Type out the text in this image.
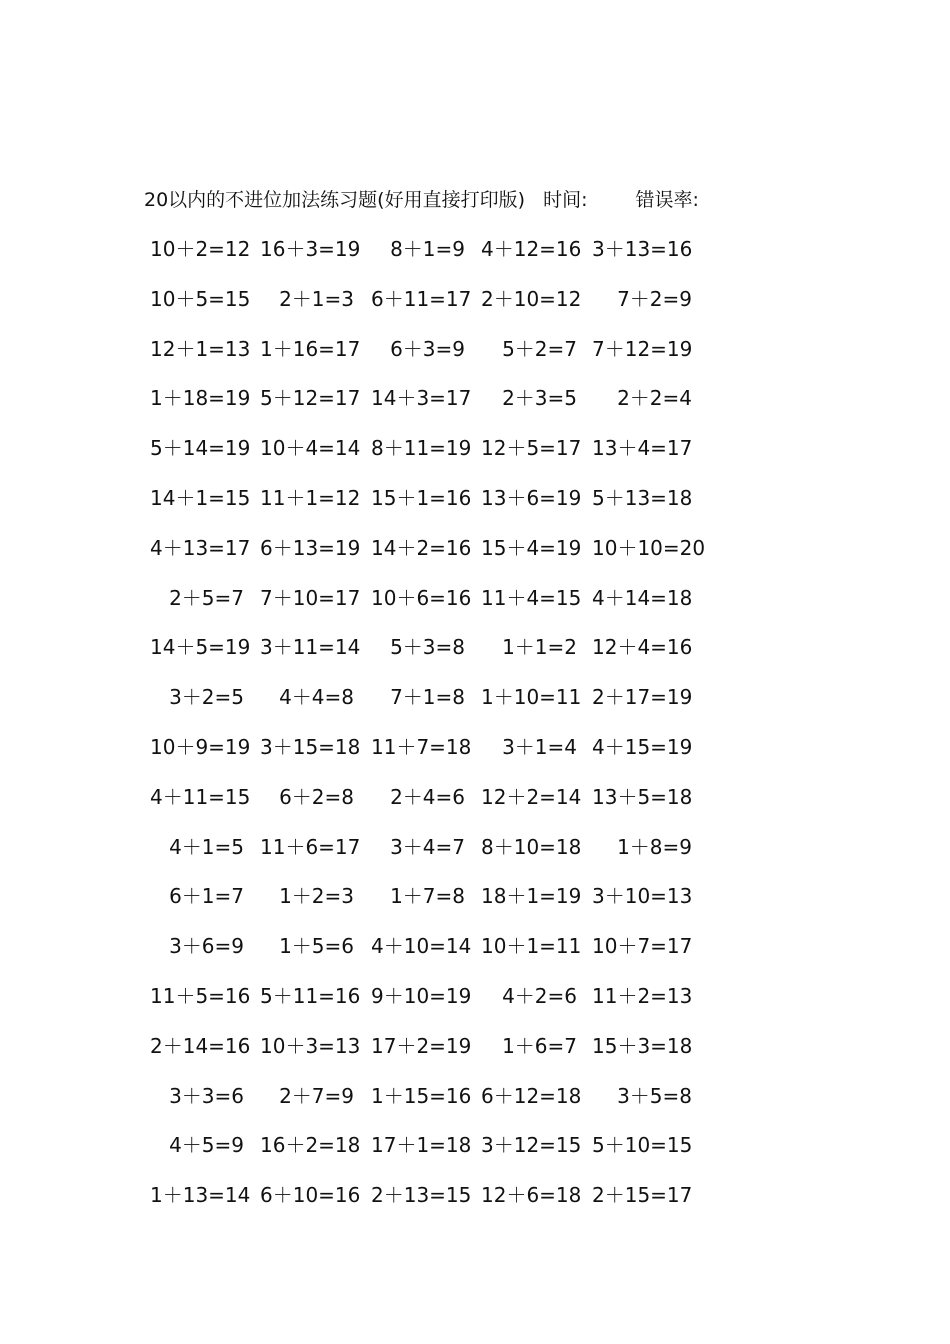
20以内的不进位加法练习题(好用直接打印版) 时间:	错误率:
10＋2=12 16＋3=19	8＋1=9 4＋12=16 3＋13=16
10＋5=15	2＋1=3 6＋11=17 2＋10=12	7＋2=9
12＋1=13 1＋16=17	6＋3=9	5＋2=7 7＋12=19
1＋18=19 5＋12=17 14＋3=17	2＋3=5	2＋2=4
5＋14=19 10＋4=14 8＋11=19 12＋5=17 13＋4=17
14＋1=15 11＋1=12 15＋1=16 13＋6=19 5＋13=18
4＋13=17 6＋13=19 14＋2=16 15＋4=19 10＋10=20
2＋5=7 7＋10=17 10＋6=16 11＋4=15 4＋14=18
14＋5=19 3＋11=14	5＋3=8	1＋1=2 12＋4=16
3＋2=5	4＋4=8	7＋1=8 1＋10=11 2＋17=19
10＋9=19 3＋15=18 11＋7=18	3＋1=4 4＋15=19
4＋11=15	6＋2=8	2＋4=6 12＋2=14 13＋5=18
4＋1=5 11＋6=17	3＋4=7 8＋10=18	1＋8=9
6＋1=7	1＋2=3	1＋7=8 18＋1=19 3＋10=13
3＋6=9	1＋5=6 4＋10=14 10＋1=11 10＋7=17
11＋5=16 5＋11=16 9＋10=19	4＋2=6 11＋2=13
2＋14=16 10＋3=13 17＋2=19	1＋6=7 15＋3=18
3＋3=6	2＋7=9 1＋15=16 6＋12=18	3＋5=8
4＋5=9 16＋2=18 17＋1=18 3＋12=15 5＋10=15
1＋13=14 6＋10=16 2＋13=15 12＋6=18 2＋15=17
